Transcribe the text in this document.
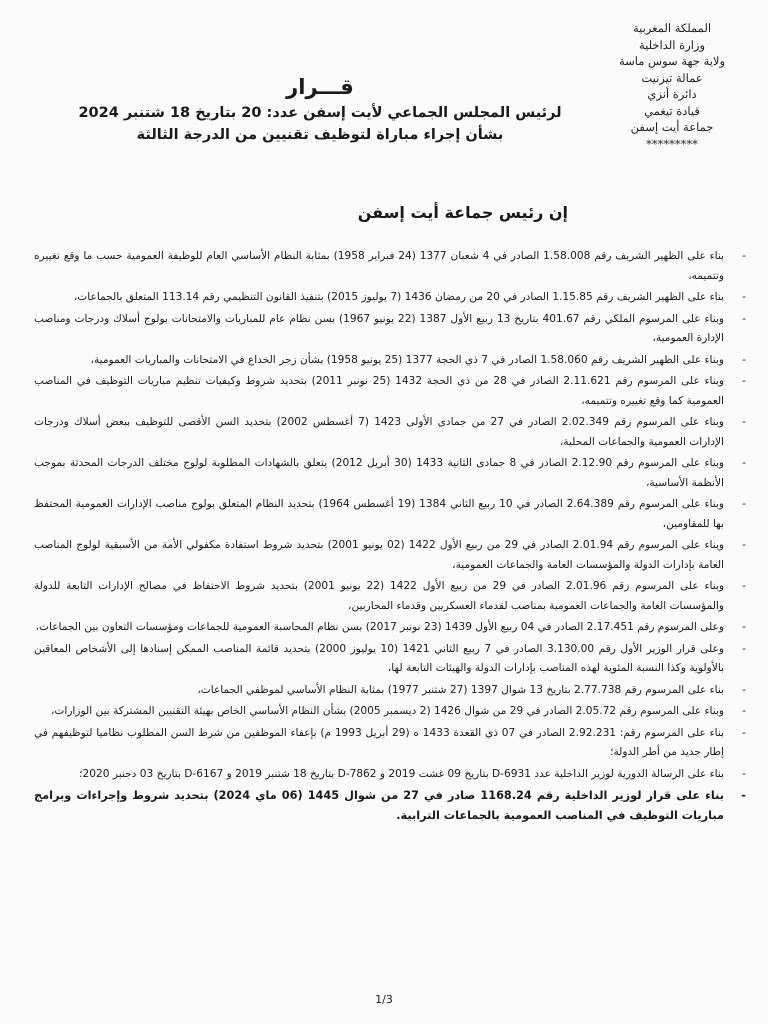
المملكة المغربية
وزارة الداخلية
ولاية جهة سوس ماسة
عمالة تيزنيت
دائرة أنزي
قيادة تيغمي
جماعة أيت إسفن
*********
قـــرار
لرئيس المجلس الجماعي لأيت إسفن عدد: 20 بتاريخ 18 شتنبر 2024
بشأن إجراء مباراة لتوظيف تقنيين من الدرجة الثالثة
إن رئيس جماعة أيت إسفن
-
بناء على الظهير الشريف رقم 1.58.008 الصادر في 4 شعبان 1377 (24 فبراير 1958) بمثابة النظام الأساسي العام للوظيفة العمومية حسب ما وقع تغييره وتتميمه،
-
بناء على الظهير الشريف رقم 1.15.85 الصادر في 20 من رمضان 1436 (7 يوليوز 2015) بتنفيذ القانون التنظيمي رقم 113.14 المتعلق بالجماعات،
-
وبناء على المرسوم الملكي رقم 401.67 بتاريخ 13 ربيع الأول 1387 (22 يونيو 1967) بسن نظام عام للمباريات والامتحانات بولوج أسلاك ودرجات ومناصب الإدارة العمومية،
-
وبناء على الظهير الشريف رقم 1.58.060 الصادر في 7 ذي الحجة 1377 (25 يونيو 1958) بشأن زجر الخداع في الامتحانات والمباريات العمومية،
-
وبناء على المرسوم رقم 2.11.621 الصادر في 28 من ذي الحجة 1432 (25 نونبر 2011) بتحديد شروط وكيفيات تنظيم مباريات التوظيف في المناصب العمومية كما وقع تغييره وتتميمه،
-
وبناء على المرسوم رقم 2.02.349 الصادر في 27 من جمادى الأولى 1423 (7 أغسطس 2002) بتحديد السن الأقصى للتوظيف ببعض أسلاك ودرجات الإدارات العمومية والجماعات المحلية،
-
وبناء على المرسوم رقم 2.12.90 الصادر في 8 جمادى الثانية 1433 (30 أبريل 2012) يتعلق بالشهادات المطلوبة لولوج مختلف الدرجات المحدثة بموجب الأنظمة الأساسية،
-
وبناء على المرسوم رقم 2.64.389 الصادر في 10 ربيع الثاني 1384 (19 أغسطس 1964) بتحديد النظام المتعلق بولوج مناصب الإدارات العمومية المحتفظ بها للمقاومين،
-
وبناء على المرسوم رقم 2.01.94 الصادر في 29 من ربيع الأول 1422 (02 يونيو 2001) بتحديد شروط استفادة مكفولي الأمة من الأسبقية لولوج المناصب العامة بإدارات الدولة والمؤسسات العامة والجماعات العمومية،
-
وبناء على المرسوم رقم 2.01.96 الصادر في 29 من ربيع الأول 1422 (22 يونيو 2001) بتحديد شروط الاحتفاظ في مصالح الإدارات التابعة للدولة والمؤسسات العامة والجماعات العمومية بمناصب لقدماء العسكريين وقدماء المحاربين،
-
وعلى المرسوم رقم 2.17.451 الصادر في 04 ربيع الأول 1439 (23 نونبر 2017) بسن نظام المحاسبة العمومية للجماعات ومؤسسات التعاون بين الجماعات،
-
وعلى قرار الوزير الأول رقم 3.130.00 الصادر في 7 ربيع الثاني 1421 (10 يوليوز 2000) بتحديد قائمة المناصب الممكن إسنادها إلى الأشخاص المعاقين بالأولوية وكذا النسبة المئوية لهذه المناصب بإدارات الدولة والهيئات التابعة لها،
-
بناء على المرسوم رقم 2.77.738 بتاريخ 13 شوال 1397 (27 شتنبر 1977) بمثابة النظام الأساسي لموظفي الجماعات،
-
وبناء على المرسوم رقم 2.05.72 الصادر في 29 من شوال 1426 (2 ديسمبر 2005) بشأن النظام الأساسي الخاص بهيئة التقنيين المشتركة بين الوزارات،
-
بناء على المرسوم رقم: 2.92.231 الصادر في 07 ذي القعدة 1433 ه (29 أبريل 1993 م) بإعفاء الموظفين من شرط السن المطلوب نظاميا لتوظيفهم في إطار جديد من أطر الدولة؛
-
بناء على الرسالة الدورية لوزير الداخلية عدد D-6931 بتاريخ 09 غشت 2019 و D-7862 بتاريخ 18 شتنبر 2019 و D-6167 بتاريخ 03 دجنبر 2020؛
-
بناء على قرار لوزير الداخلية رقم 1168.24 صادر في 27 من شوال 1445 (06 ماي 2024) بتحديد شروط وإجراءات وبرامج مباريات التوظيف في المناصب العمومية بالجماعات الترابية.
1/3
